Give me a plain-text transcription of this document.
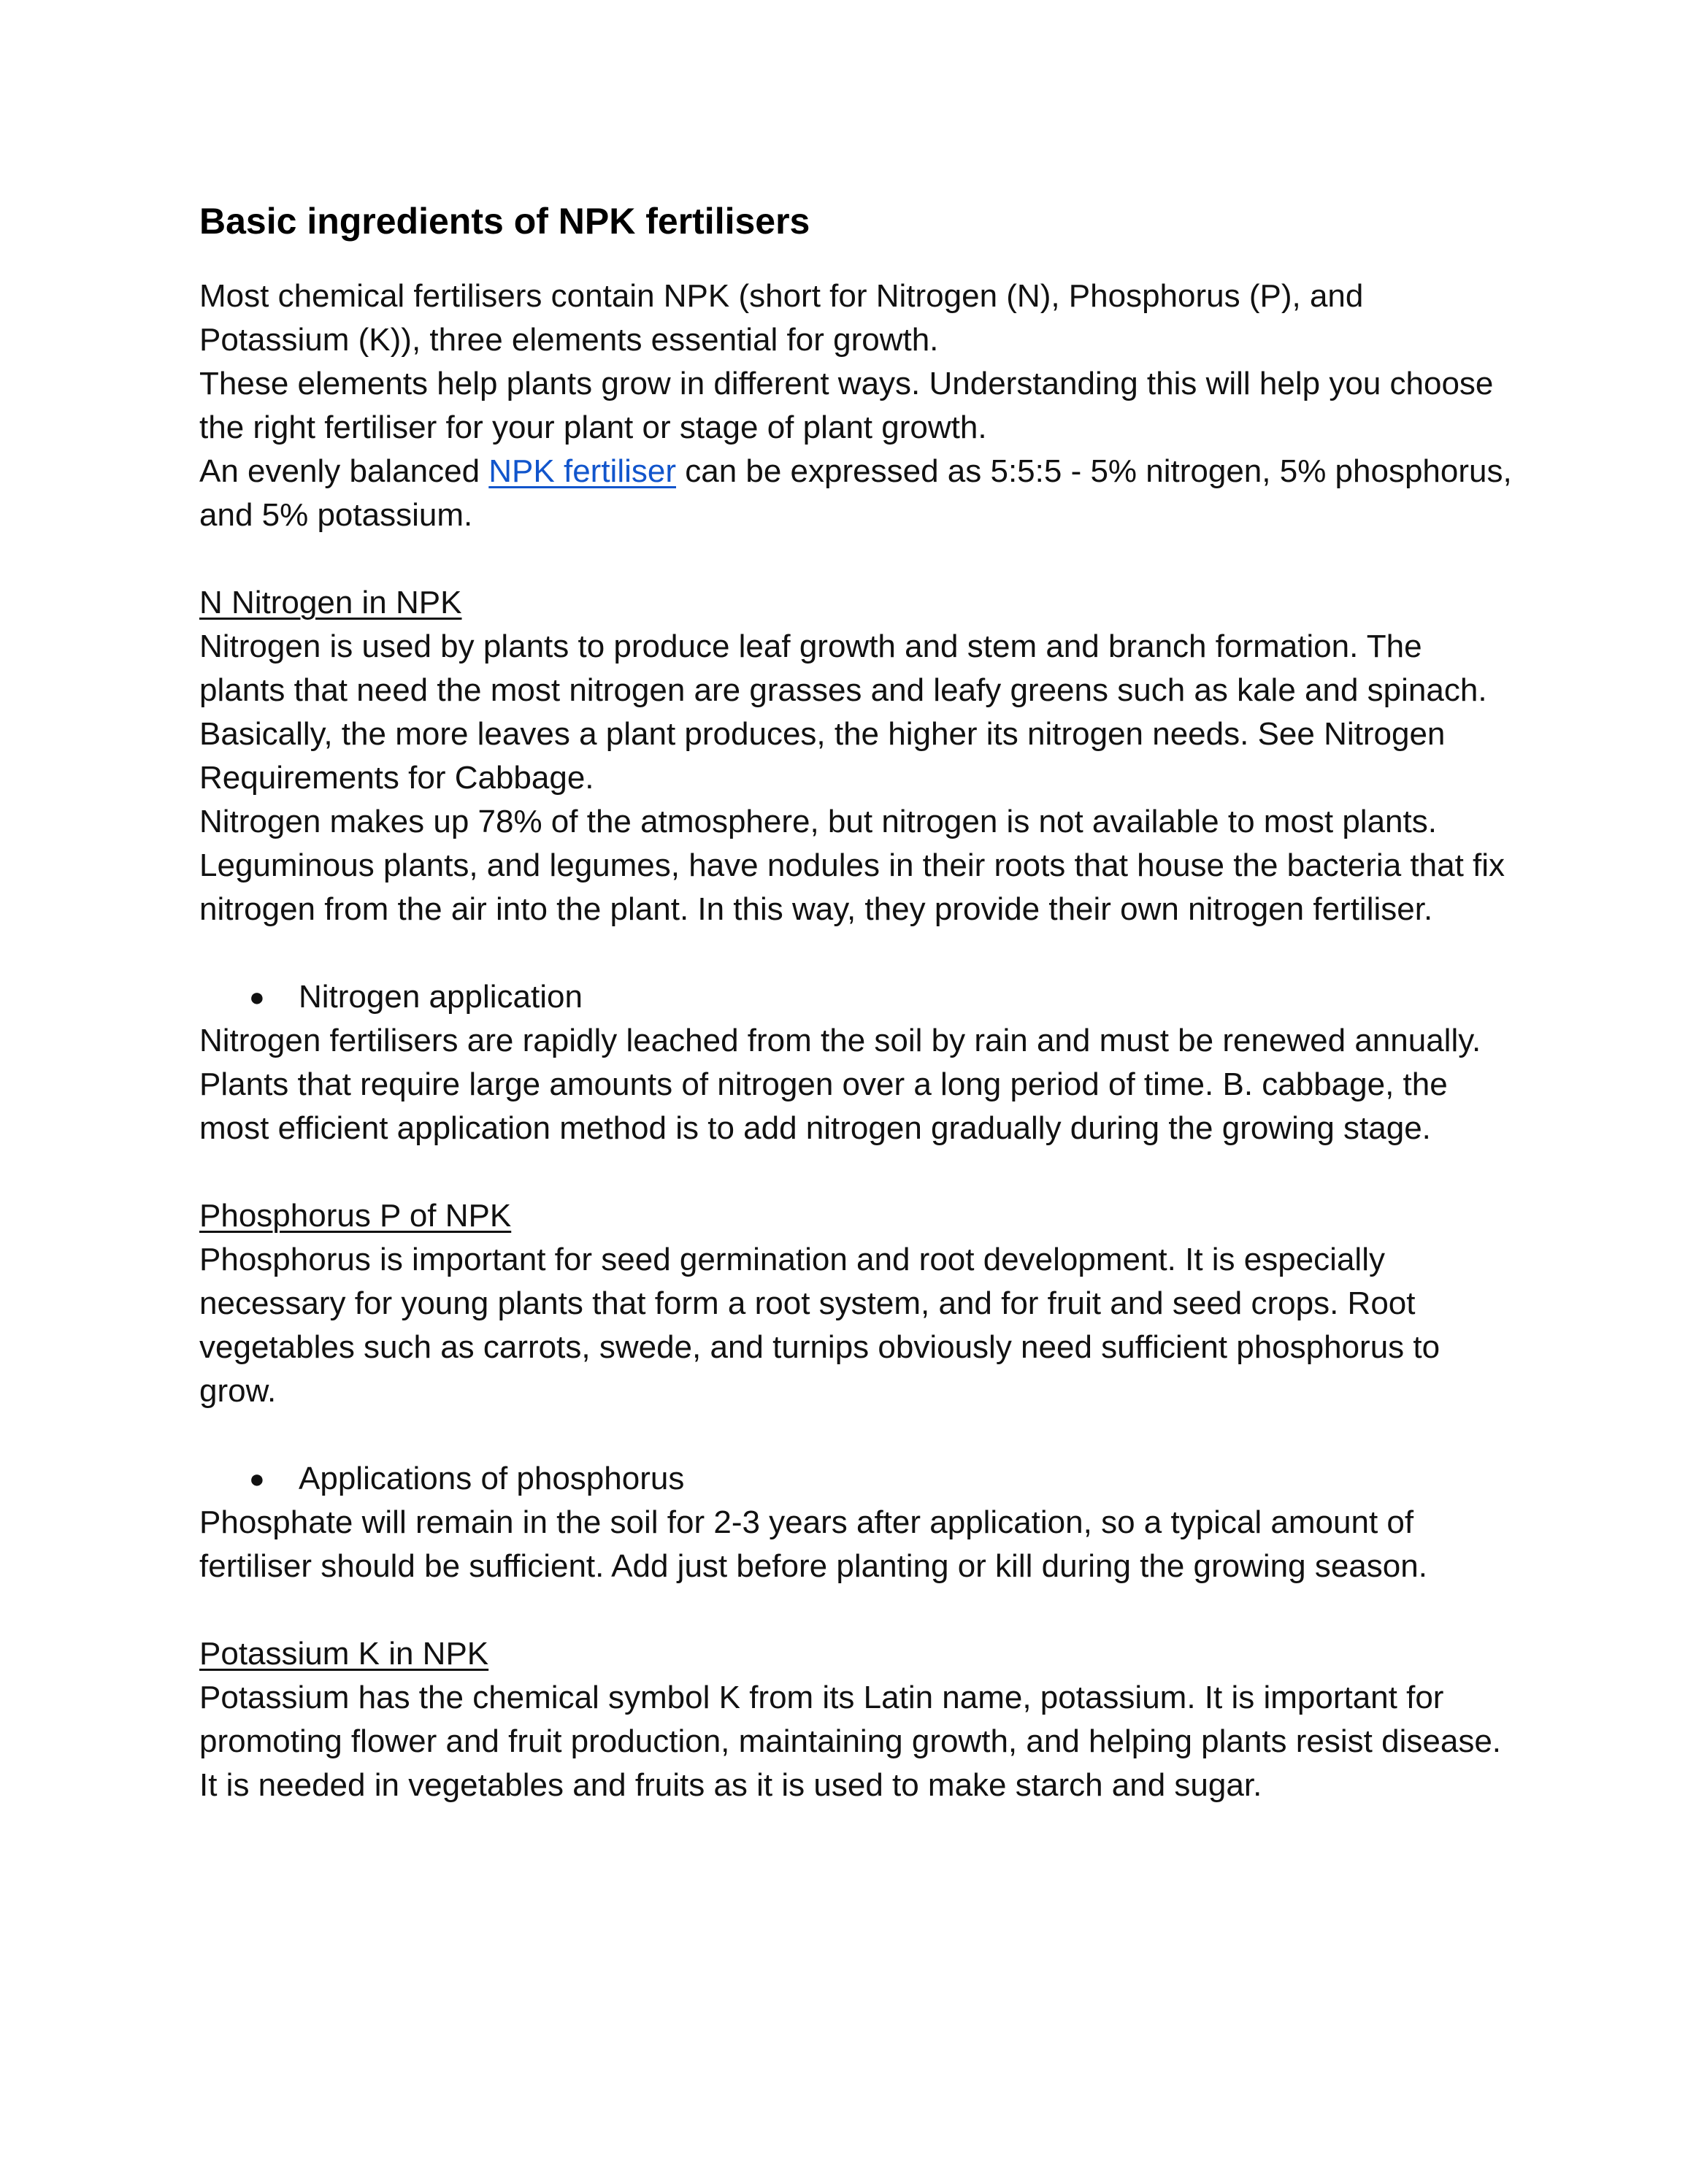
Basic ingredients of NPK fertilisers

Most chemical fertilisers contain NPK (short for Nitrogen (N), Phosphorus (P), and Potassium (K)), three elements essential for growth.

These elements help plants grow in different ways. Understanding this will help you choose the right fertiliser for your plant or stage of plant growth.

An evenly balanced NPK fertiliser can be expressed as 5:5:5 - 5% nitrogen, 5% phosphorus, and 5% potassium.

N Nitrogen in NPK

Nitrogen is used by plants to produce leaf growth and stem and branch formation. The plants that need the most nitrogen are grasses and leafy greens such as kale and spinach. Basically, the more leaves a plant produces, the higher its nitrogen needs. See Nitrogen Requirements for Cabbage.

Nitrogen makes up 78% of the atmosphere, but nitrogen is not available to most plants. Leguminous plants, and legumes, have nodules in their roots that house the bacteria that fix nitrogen from the air into the plant. In this way, they provide their own nitrogen fertiliser.

● Nitrogen application

Nitrogen fertilisers are rapidly leached from the soil by rain and must be renewed annually. Plants that require large amounts of nitrogen over a long period of time. B. cabbage, the most efficient application method is to add nitrogen gradually during the growing stage.

Phosphorus P of NPK

Phosphorus is important for seed germination and root development. It is especially necessary for young plants that form a root system, and for fruit and seed crops. Root vegetables such as carrots, swede, and turnips obviously need sufficient phosphorus to grow.

● Applications of phosphorus

Phosphate will remain in the soil for 2-3 years after application, so a typical amount of fertiliser should be sufficient. Add just before planting or kill during the growing season.

Potassium K in NPK

Potassium has the chemical symbol K from its Latin name, potassium. It is important for promoting flower and fruit production, maintaining growth, and helping plants resist disease. It is needed in vegetables and fruits as it is used to make starch and sugar.
